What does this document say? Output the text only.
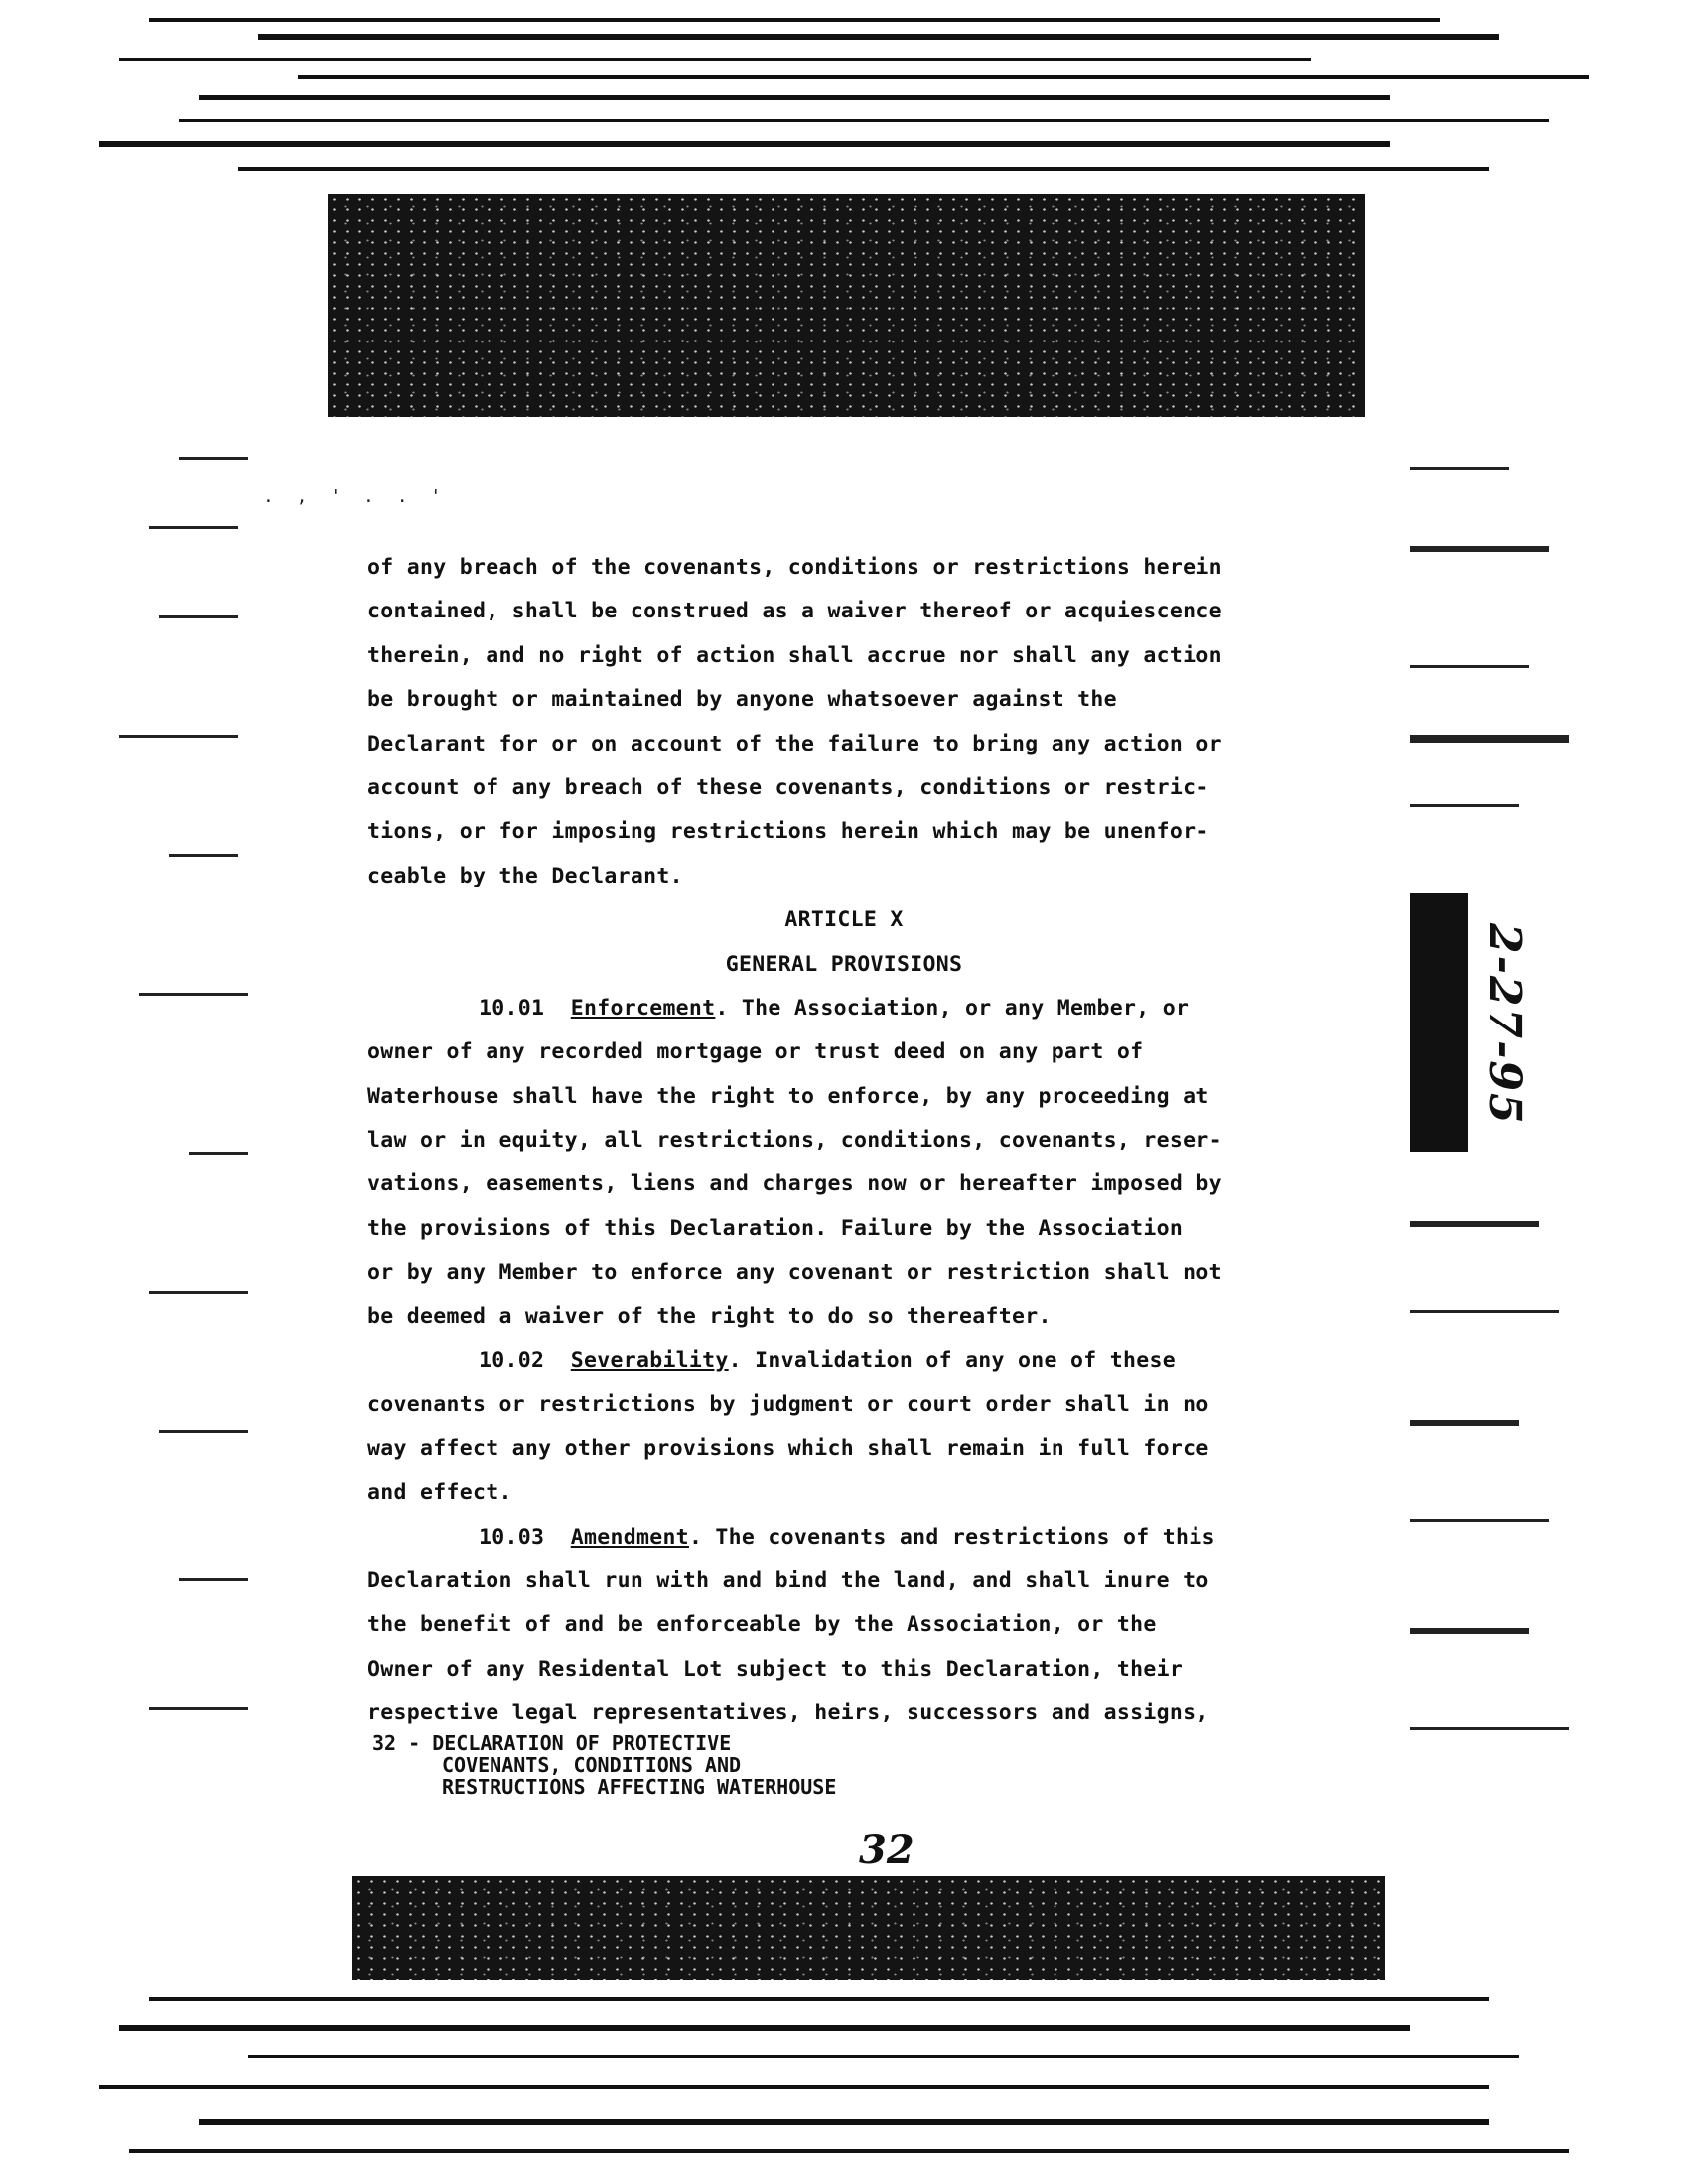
2-27-95
. , ' . . '
of any breach of the covenants, conditions or restrictions herein
contained, shall be construed as a waiver thereof or acquiescence
therein, and no right of action shall accrue nor shall any action
be brought or maintained by anyone whatsoever against the
Declarant for or on account of the failure to bring any action or
account of any breach of these covenants, conditions or restric-
tions, or for imposing restrictions herein which may be unenfor-
ceable by the Declarant.
ARTICLE X
GENERAL PROVISIONS
10.01 Enforcement. The Association, or any Member, or
owner of any recorded mortgage or trust deed on any part of
Waterhouse shall have the right to enforce, by any proceeding at
law or in equity, all restrictions, conditions, covenants, reser-
vations, easements, liens and charges now or hereafter imposed by
the provisions of this Declaration. Failure by the Association
or by any Member to enforce any covenant or restriction shall not
be deemed a waiver of the right to do so thereafter.
10.02 Severability. Invalidation of any one of these
covenants or restrictions by judgment or court order shall in no
way affect any other provisions which shall remain in full force
and effect.
10.03 Amendment. The covenants and restrictions of this
Declaration shall run with and bind the land, and shall inure to
the benefit of and be enforceable by the Association, or the
Owner of any Residental Lot subject to this Declaration, their
respective legal representatives, heirs, successors and assigns,
32 - DECLARATION OF PROTECTIVE
COVENANTS, CONDITIONS AND
RESTRUCTIONS AFFECTING WATERHOUSE
32
